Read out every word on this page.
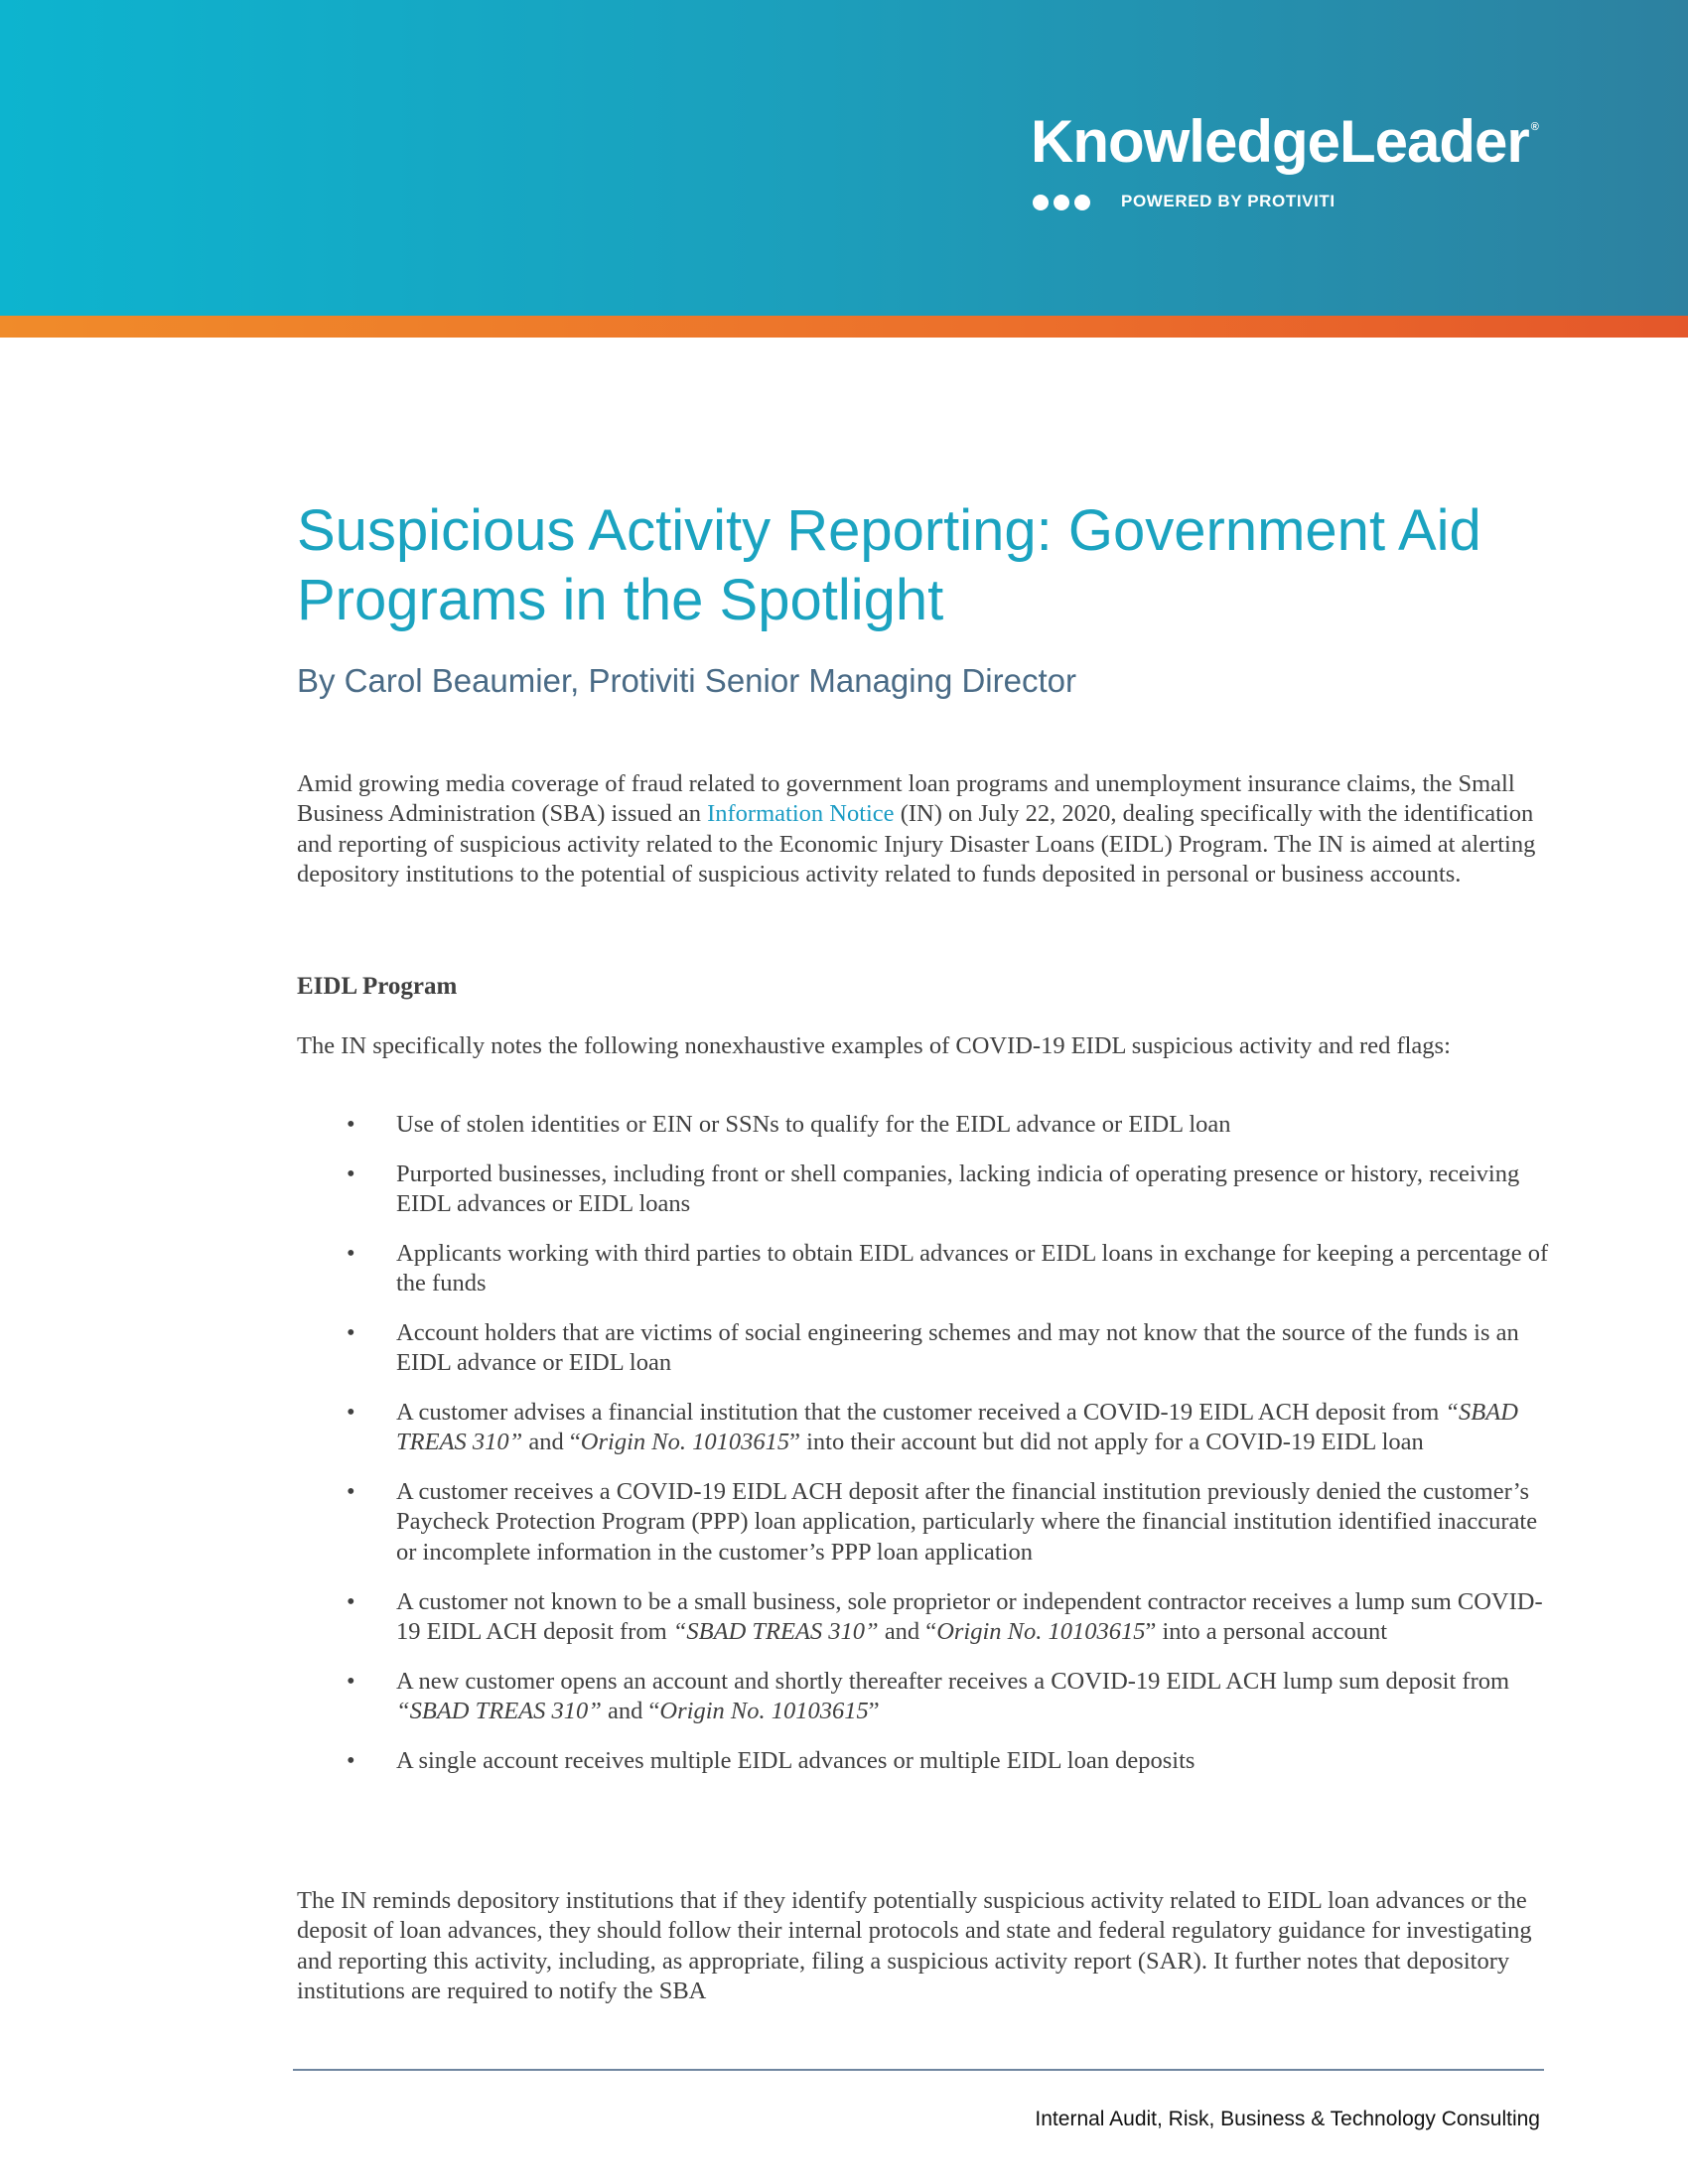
KnowledgeLeader ®
POWERED BY PROTIVITI
Suspicious Activity Reporting: Government Aid Programs in the Spotlight

By Carol Beaumier, Protiviti Senior Managing Director

Amid growing media coverage of fraud related to government loan programs and unemployment insurance claims, the Small Business Administration (SBA) issued an Information Notice (IN) on July 22, 2020, dealing specifically with the identification and reporting of suspicious activity related to the Economic Injury Disaster Loans (EIDL) Program. The IN is aimed at alerting depository institutions to the potential of suspicious activity related to funds deposited in personal or business accounts.

EIDL Program

The IN specifically notes the following nonexhaustive examples of COVID-19 EIDL suspicious activity and red flags:

• Use of stolen identities or EIN or SSNs to qualify for the EIDL advance or EIDL loan
• Purported businesses, including front or shell companies, lacking indicia of operating presence or history, receiving EIDL advances or EIDL loans
• Applicants working with third parties to obtain EIDL advances or EIDL loans in exchange for keeping a percentage of the funds
• Account holders that are victims of social engineering schemes and may not know that the source of the funds is an EIDL advance or EIDL loan
• A customer advises a financial institution that the customer received a COVID-19 EIDL ACH deposit from “SBAD TREAS 310” and “Origin No. 10103615” into their account but did not apply for a COVID-19 EIDL loan
• A customer receives a COVID-19 EIDL ACH deposit after the financial institution previously denied the customer’s Paycheck Protection Program (PPP) loan application, particularly where the financial institution identified inaccurate or incomplete information in the customer’s PPP loan application
• A customer not known to be a small business, sole proprietor or independent contractor receives a lump sum COVID-19 EIDL ACH deposit from “SBAD TREAS 310” and “Origin No. 10103615” into a personal account
• A new customer opens an account and shortly thereafter receives a COVID-19 EIDL ACH lump sum deposit from “SBAD TREAS 310” and “Origin No. 10103615”
• A single account receives multiple EIDL advances or multiple EIDL loan deposits

The IN reminds depository institutions that if they identify potentially suspicious activity related to EIDL loan advances or the deposit of loan advances, they should follow their internal protocols and state and federal regulatory guidance for investigating and reporting this activity, including, as appropriate, filing a suspicious activity report (SAR). It further notes that depository institutions are required to notify the SBA

Internal Audit, Risk, Business & Technology Consulting
